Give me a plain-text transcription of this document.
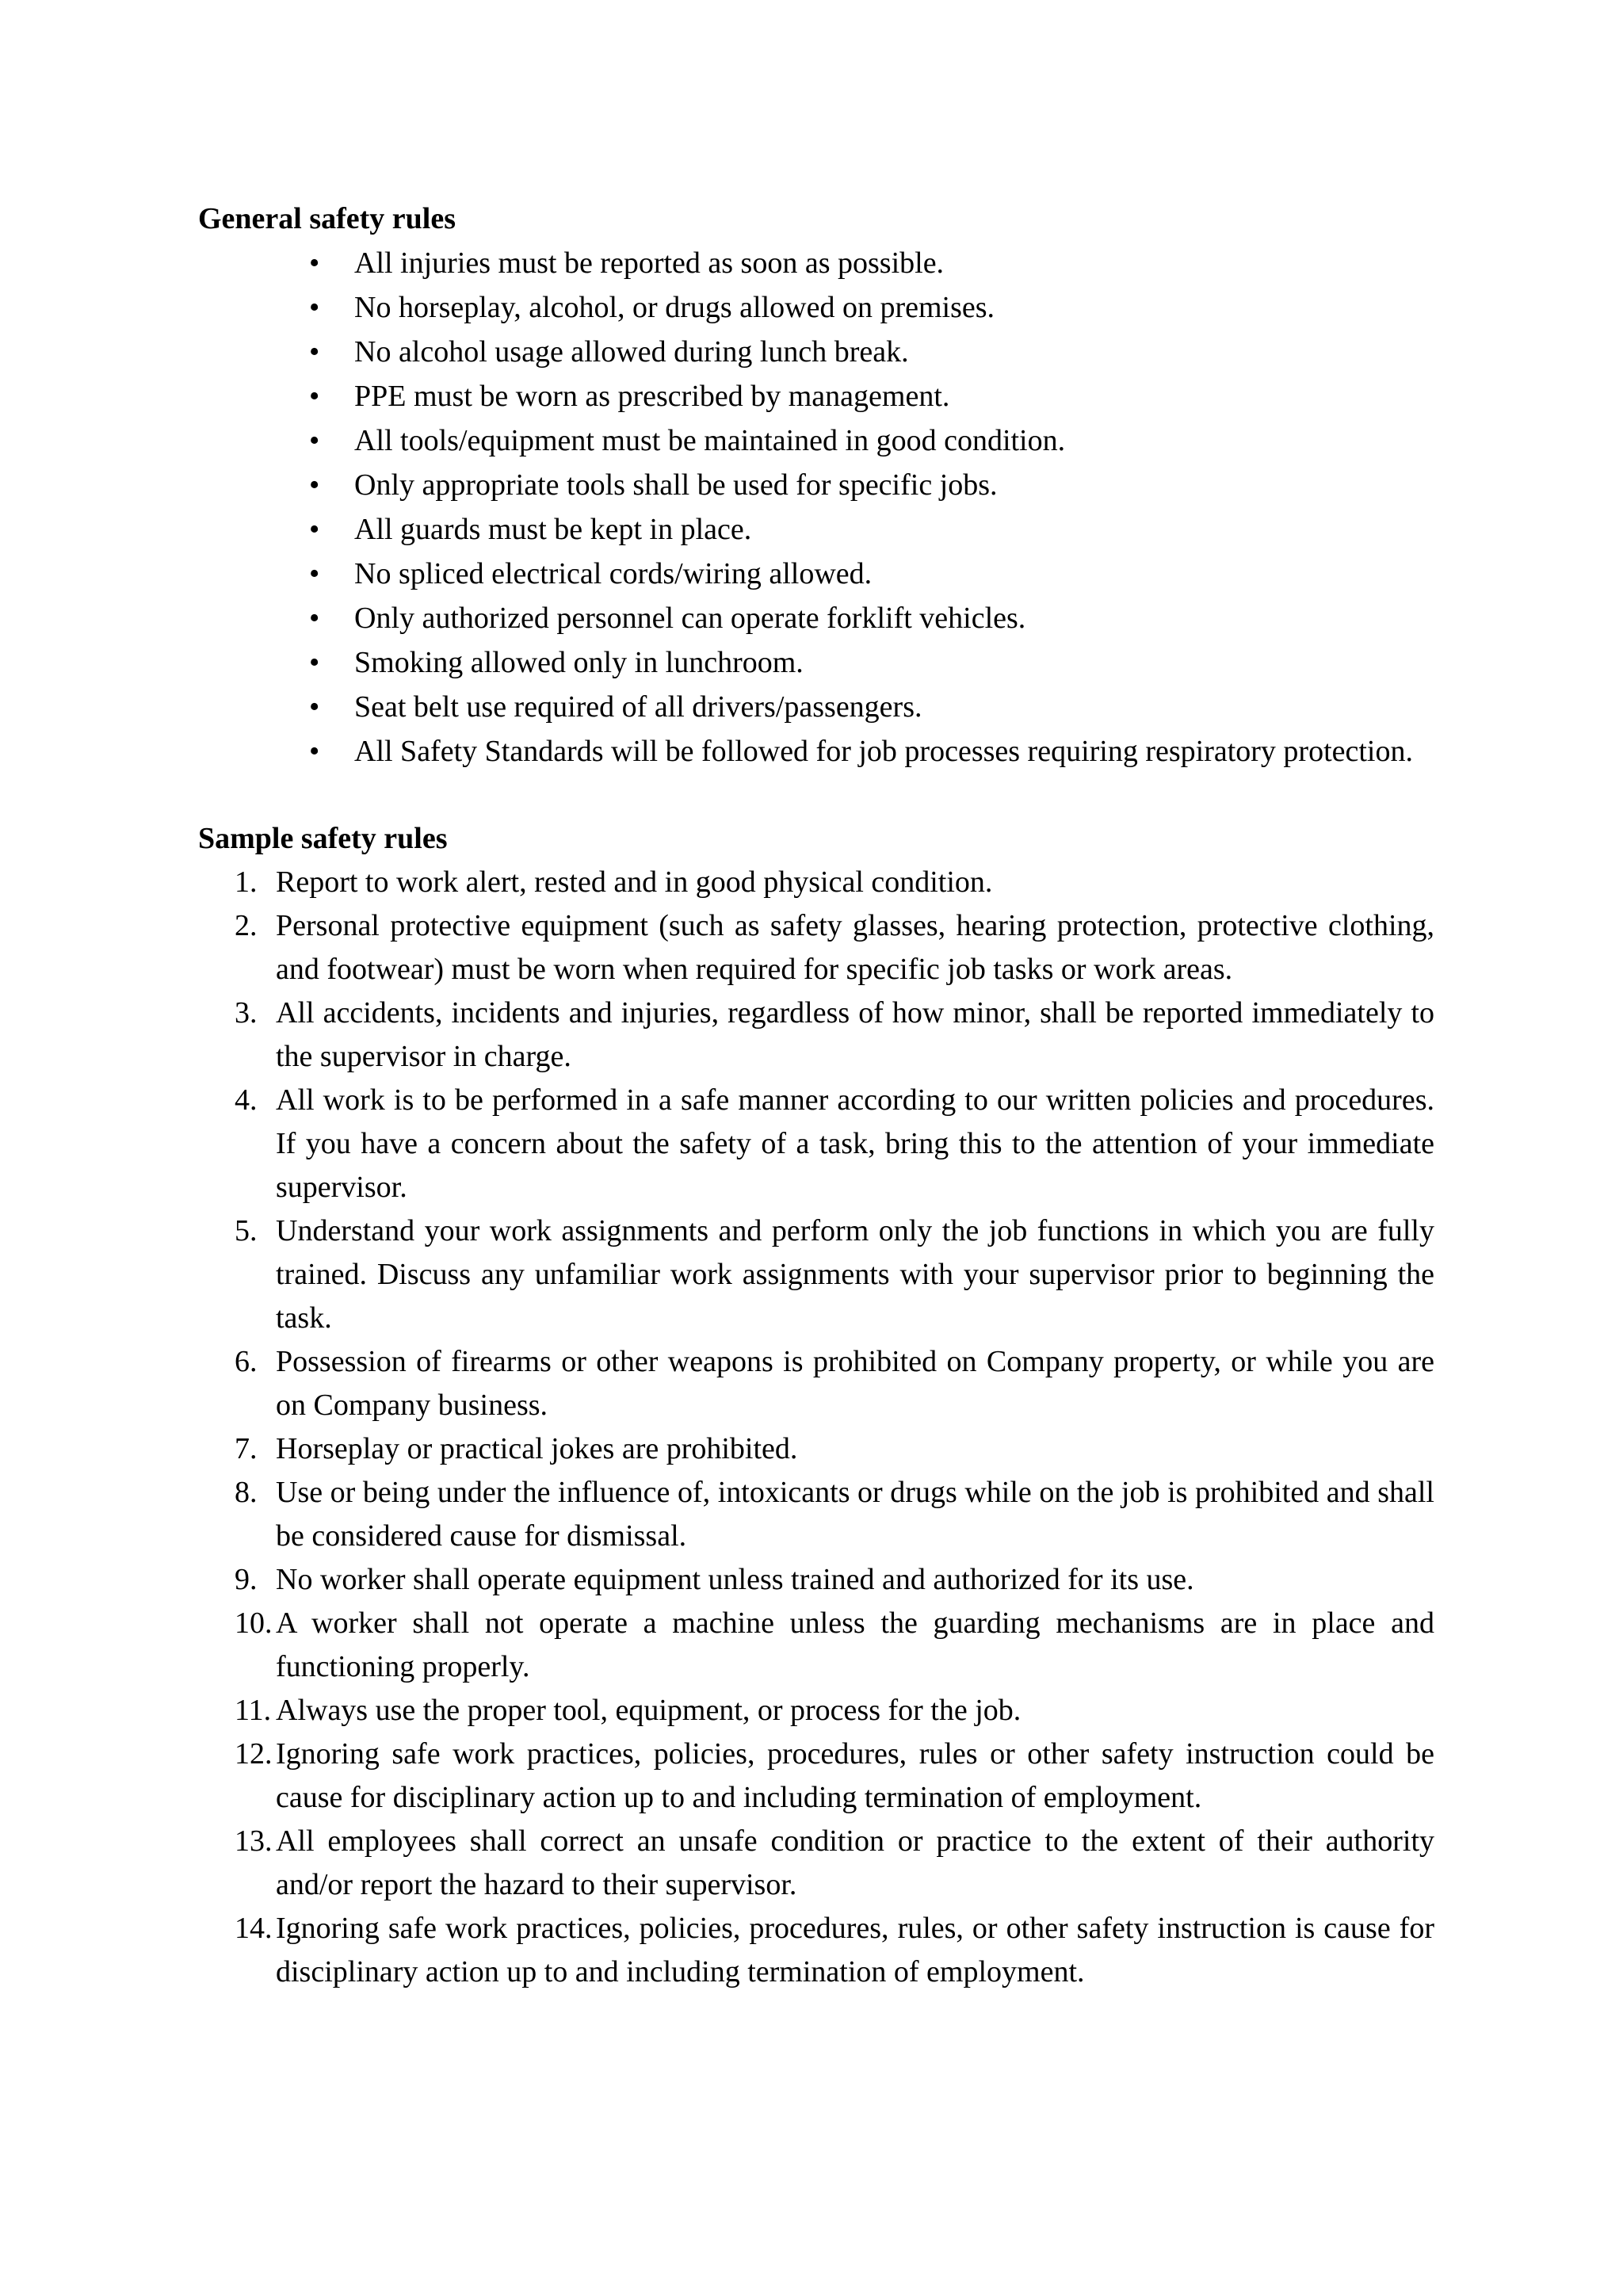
General safety rules
• All injuries must be reported as soon as possible.
• No horseplay, alcohol, or drugs allowed on premises.
• No alcohol usage allowed during lunch break.
• PPE must be worn as prescribed by management.
• All tools/equipment must be maintained in good condition.
• Only appropriate tools shall be used for specific jobs.
• All guards must be kept in place.
• No spliced electrical cords/wiring allowed.
• Only authorized personnel can operate forklift vehicles.
• Smoking allowed only in lunchroom.
• Seat belt use required of all drivers/passengers.
• All Safety Standards will be followed for job processes requiring respiratory protection.
Sample safety rules
1. Report to work alert, rested and in good physical condition.
2. Personal protective equipment (such as safety glasses, hearing protection, protective clothing, and footwear) must be worn when required for specific job tasks or work areas.
3. All accidents, incidents and injuries, regardless of how minor, shall be reported immediately to the supervisor in charge.
4. All work is to be performed in a safe manner according to our written policies and procedures. If you have a concern about the safety of a task, bring this to the attention of your immediate supervisor.
5. Understand your work assignments and perform only the job functions in which you are fully trained. Discuss any unfamiliar work assignments with your supervisor prior to beginning the task.
6. Possession of firearms or other weapons is prohibited on Company property, or while you are on Company business.
7. Horseplay or practical jokes are prohibited.
8. Use or being under the influence of, intoxicants or drugs while on the job is prohibited and shall be considered cause for dismissal.
9. No worker shall operate equipment unless trained and authorized for its use.
10. A worker shall not operate a machine unless the guarding mechanisms are in place and functioning properly.
11. Always use the proper tool, equipment, or process for the job.
12. Ignoring safe work practices, policies, procedures, rules or other safety instruction could be cause for disciplinary action up to and including termination of employment.
13. All employees shall correct an unsafe condition or practice to the extent of their authority and/or report the hazard to their supervisor.
14. Ignoring safe work practices, policies, procedures, rules, or other safety instruction is cause for disciplinary action up to and including termination of employment.
